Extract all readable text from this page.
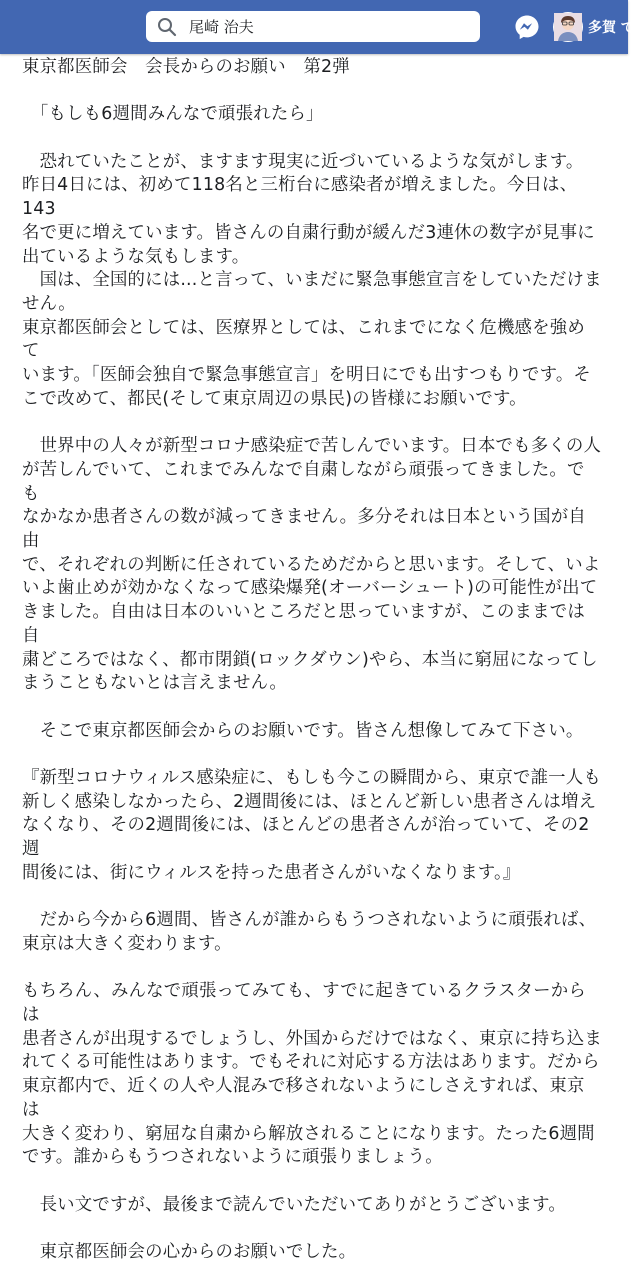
尾崎 治夫	多賀 で

東京都医師会　会長からのお願い　第2弾

　「もしも6週間みんなで頑張れたら」

　恐れていたことが、ますます現実に近づいているような気がします。

昨日4日には、初めて118名と三桁台に感染者が増えました。今日は、143

名で更に増えています。皆さんの自粛行動が緩んだ3連休の数字が見事に

出ているような気もします。

　国は、全国的には...と言って、いまだに緊急事態宣言をしていただけま

せん。

東京都医師会としては、医療界としては、これまでになく危機感を強めて

います。「医師会独自で緊急事態宣言」を明日にでも出すつもりです。そ

こで改めて、都民(そして東京周辺の県民)の皆様にお願いです。

　世界中の人々が新型コロナ感染症で苦しんでいます。日本でも多くの人

が苦しんでいて、これまでみんなで自粛しながら頑張ってきました。でも

なかなか患者さんの数が減ってきません。多分それは日本という国が自由

で、それぞれの判断に任されているためだからと思います。そして、いよ

いよ歯止めが効かなくなって感染爆発(オーバーシュート)の可能性が出て

きました。自由は日本のいいところだと思っていますが、このままでは自

粛どころではなく、都市閉鎖(ロックダウン)やら、本当に窮屈になってし

まうこともないとは言えません。

　そこで東京都医師会からのお願いです。皆さん想像してみて下さい。

『新型コロナウィルス感染症に、もしも今この瞬間から、東京で誰一人も

新しく感染しなかったら、2週間後には、ほとんど新しい患者さんは増え

なくなり、その2週間後には、ほとんどの患者さんが治っていて、その2週

間後には、街にウィルスを持った患者さんがいなくなります。』

　だから今から6週間、皆さんが誰からもうつされないように頑張れば、

東京は大きく変わります。

もちろん、みんなで頑張ってみても、すでに起きているクラスターからは

患者さんが出現するでしょうし、外国からだけではなく、東京に持ち込ま

れてくる可能性はあります。でもそれに対応する方法はあります。だから

東京都内で、近くの人や人混みで移されないようにしさえすれば、東京は

大きく変わり、窮屈な自粛から解放されることになります。たった6週間

です。誰からもうつされないように頑張りましょう。

　長い文ですが、最後まで読んでいただいてありがとうございます。

　東京都医師会の心からのお願いでした。
